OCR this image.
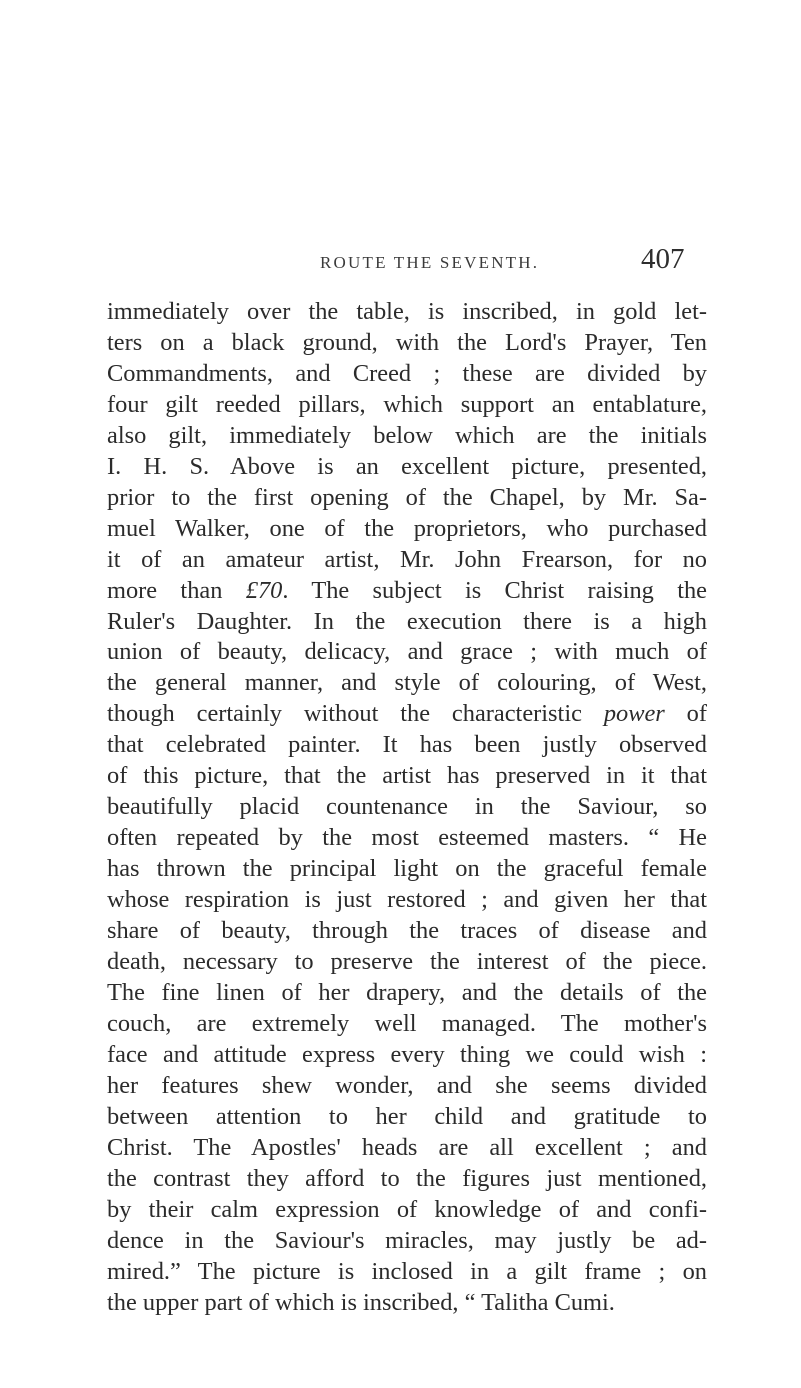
ROUTE THE SEVENTH.	407
immediately over the table, is inscribed, in gold let-
ters on a black ground, with the Lord's Prayer, Ten
Commandments, and Creed ; these are divided by
four gilt reeded pillars, which support an entablature,
also gilt, immediately below which are the initials
I. H. S. Above is an excellent picture, presented,
prior to the first opening of the Chapel, by Mr. Sa-
muel Walker, one of the proprietors, who purchased
it of an amateur artist, Mr. John Frearson, for no
more than £70. The subject is Christ raising the
Ruler's Daughter. In the execution there is a high
union of beauty, delicacy, and grace ; with much of
the general manner, and style of colouring, of West,
though certainly without the characteristic power of
that celebrated painter. It has been justly observed
of this picture, that the artist has preserved in it that
beautifully placid countenance in the Saviour, so
often repeated by the most esteemed masters. “ He
has thrown the principal light on the graceful female
whose respiration is just restored ; and given her that
share of beauty, through the traces of disease and
death, necessary to preserve the interest of the piece.
The fine linen of her drapery, and the details of the
couch, are extremely well managed. The mother's
face and attitude express every thing we could wish :
her features shew wonder, and she seems divided
between attention to her child and gratitude to
Christ. The Apostles' heads are all excellent ; and
the contrast they afford to the figures just mentioned,
by their calm expression of knowledge of and confi-
dence in the Saviour's miracles, may justly be ad-
mired.” The picture is inclosed in a gilt frame ; on
the upper part of which is inscribed, “ Talitha Cumi.
